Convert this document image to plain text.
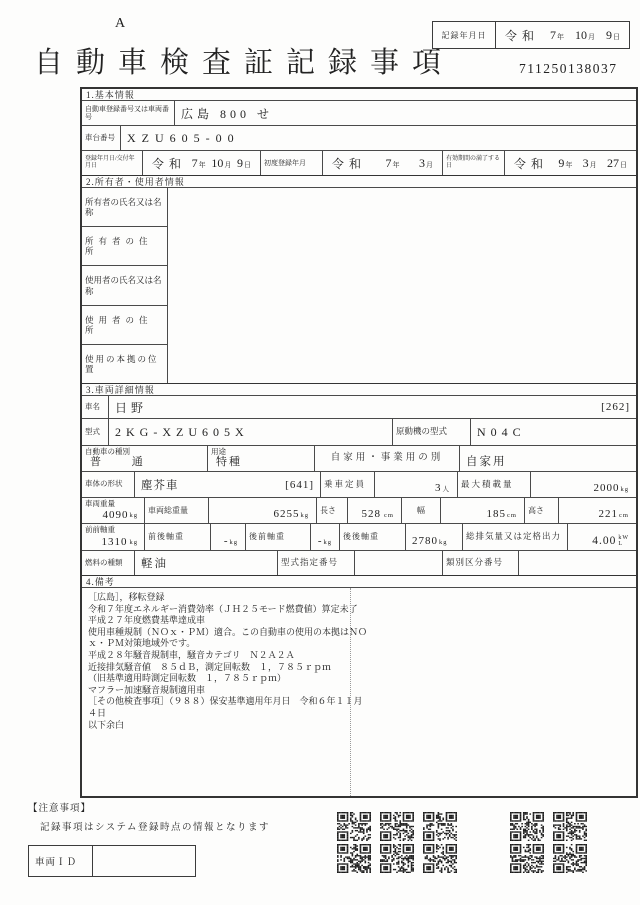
A
自動車検査証記録事項
記録年月日	令和 7年 10月 9日
711250138037
1.基本情報
自動車登録番号又は車両番号	広島 800 せ
車台番号	XZU605-00
登録年月日/交付年月日	令和 7年 10月 9日	初度登録年月	令和 7年 3月
有効期間の満了する日	令和 9年 3月 27日
2.所有者・使用者情報
所有者の氏名又は名称
所有者の住所
使用者の氏名又は名称
使用者の住所
使用の本拠の位置
3.車両詳細情報
車名	日野	[262]
型式	2KG-XZU605X	原動機の型式	N04C
自動車の種別
普 通
用途
特種	自家用・事業用の別	自家用
車体の形状	塵芥車	[641]	乗車定員	3 人
最大積載量	2000 kg
車両重量
4090kg
車両総重量	6255 kg
長さ	528 cm
幅	185 cm
高さ	221 cm
前前軸重
1310 kg
前後軸重	- kg
後前軸重	- kg
後後軸重	2780 kg
総排気量又は定格出力	4.00 kW
L
燃料の種類	軽油	型式指定番号	類別区分番号
4.備考
［広島］，移転登録
令和７年度エネルギー消費効率（ＪＨ２５モード燃費値）算定未了
平成２７年度燃費基準達成車
使用車種規制（ＮＯｘ・ＰＭ）適合。この自動車の使用の本拠はＮＯ
ｘ・ＰＭ対策地域外です。
平成２８年騒音規制車，騒音カテゴリ　Ｎ２Ａ２Ａ
近接排気騒音値　８５ｄＢ，測定回転数　１，７８５ｒｐｍ
（旧基準適用時測定回転数　１，７８５ｒｐｍ）
マフラー加速騒音規制適用車
［その他検査事項］（９８８）保安基準適用年月日　令和６年１１月
４日
以下余白
【注意事項】
記録事項はシステム登録時点の情報となります
車両ＩＤ
